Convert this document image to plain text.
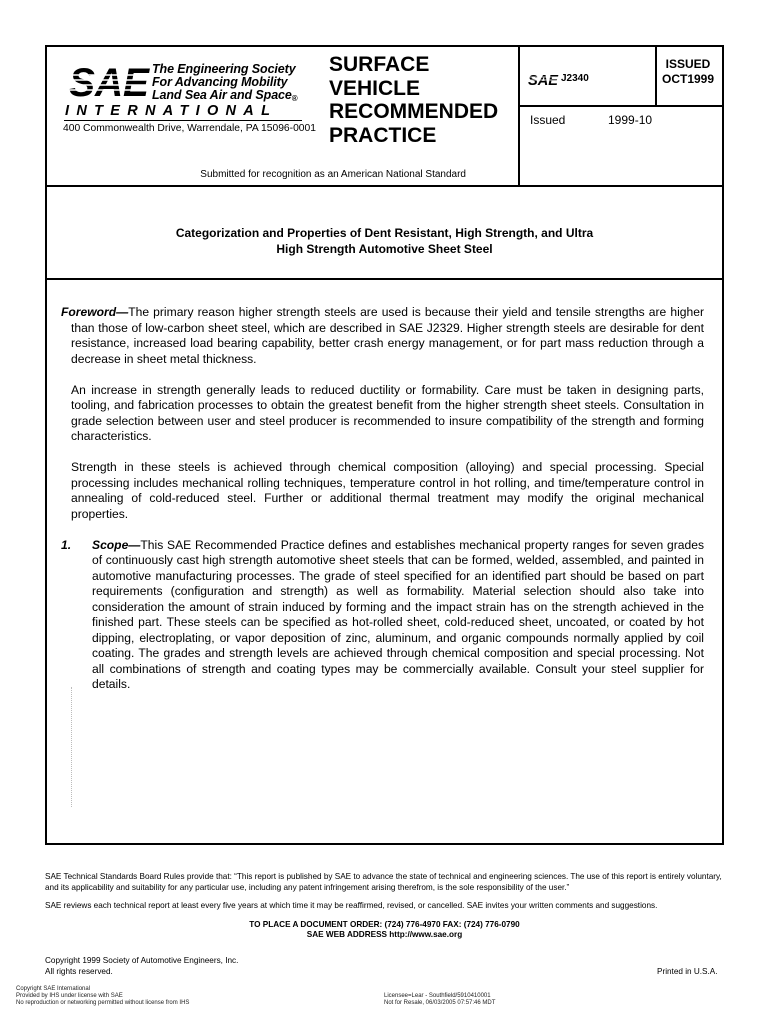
SAE The Engineering Society
For Advancing Mobility
Land Sea Air and Space®
INTERNATIONAL
400 Commonwealth Drive, Warrendale, PA 15096-0001
SURFACE
VEHICLE
RECOMMENDED
PRACTICE
SAE J2340
ISSUED
OCT1999
Issued	1999-10
Submitted for recognition as an American National Standard
Categorization and Properties of Dent Resistant, High Strength, and Ultra
High Strength Automotive Sheet Steel

Foreword—The primary reason higher strength steels are used is because their yield and tensile strengths are higher than those of low-carbon sheet steel, which are described in SAE J2329. Higher strength steels are desirable for dent resistance, increased load bearing capability, better crash energy management, or for part mass reduction through a decrease in sheet metal thickness.

An increase in strength generally leads to reduced ductility or formability. Care must be taken in designing parts, tooling, and fabrication processes to obtain the greatest benefit from the higher strength sheet steels. Consultation in grade selection between user and steel producer is recommended to insure compatibility of the strength and forming characteristics.

Strength in these steels is achieved through chemical composition (alloying) and special processing. Special processing includes mechanical rolling techniques, temperature control in hot rolling, and time/temperature control in annealing of cold-reduced steel. Further or additional thermal treatment may modify the original mechanical properties.

1. Scope—This SAE Recommended Practice defines and establishes mechanical property ranges for seven grades of continuously cast high strength automotive sheet steels that can be formed, welded, assembled, and painted in automotive manufacturing processes. The grade of steel specified for an identified part should be based on part requirements (configuration and strength) as well as formability. Material selection should also take into consideration the amount of strain induced by forming and the impact strain has on the strength achieved in the finished part. These steels can be specified as hot-rolled sheet, cold-reduced sheet, uncoated, or coated by hot dipping, electroplating, or vapor deposition of zinc, aluminum, and organic compounds normally applied by coil coating. The grades and strength levels are achieved through chemical composition and special processing. Not all combinations of strength and coating types may be commercially available. Consult your steel supplier for details.

SAE Technical Standards Board Rules provide that: “This report is published by SAE to advance the state of technical and engineering sciences. The use of this report is entirely voluntary, and its applicability and suitability for any particular use, including any patent infringement arising therefrom, is the sole responsibility of the user.”

SAE reviews each technical report at least every five years at which time it may be reaffirmed, revised, or cancelled. SAE invites your written comments and suggestions.

TO PLACE A DOCUMENT ORDER: (724) 776-4970 FAX: (724) 776-0790
SAE WEB ADDRESS http://www.sae.org
Copyright 1999 Society of Automotive Engineers, Inc.
All rights reserved.	Printed in U.S.A.
Copyright SAE International
Provided by IHS under license with SAE
No reproduction or networking permitted without license from IHS
Licensee=Lear - Southfield/5910410001
Not for Resale, 06/03/2005 07:57:46 MDT
